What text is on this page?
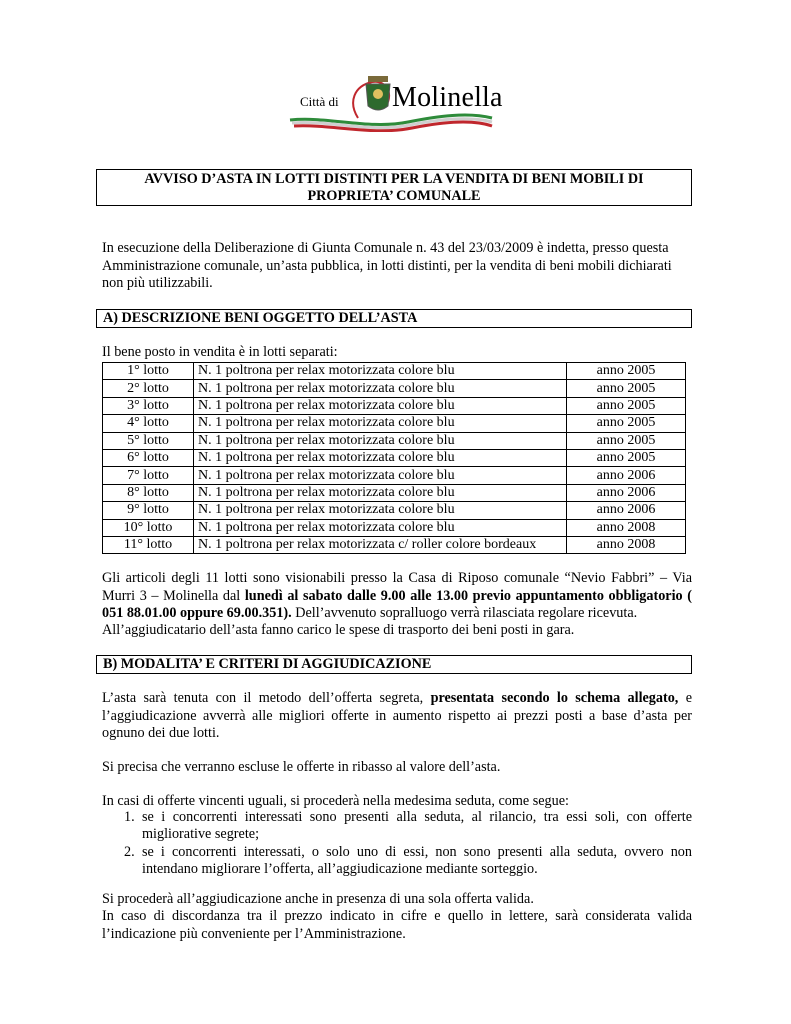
Città di Molinella
AVVISO D’ASTA IN LOTTI DISTINTI PER LA VENDITA DI BENI MOBILI DI
PROPRIETA’ COMUNALE
In esecuzione della Deliberazione di Giunta Comunale n. 43 del 23/03/2009 è indetta, presso questa Amministrazione comunale, un’asta pubblica, in lotti distinti, per la vendita di beni mobili dichiarati non più utilizzabili.
A) DESCRIZIONE BENI OGGETTO DELL’ASTA
Il bene posto in vendita è in lotti separati:
1° lotto	N. 1 poltrona per relax motorizzata colore blu	anno 2005
2° lotto	N. 1 poltrona per relax motorizzata colore blu	anno 2005
3° lotto	N. 1 poltrona per relax motorizzata colore blu	anno 2005
4° lotto	N. 1 poltrona per relax motorizzata colore blu	anno 2005
5° lotto	N. 1 poltrona per relax motorizzata colore blu	anno 2005
6° lotto	N. 1 poltrona per relax motorizzata colore blu	anno 2005
7° lotto	N. 1 poltrona per relax motorizzata colore blu	anno 2006
8° lotto	N. 1 poltrona per relax motorizzata colore blu	anno 2006
9° lotto	N. 1 poltrona per relax motorizzata colore blu	anno 2006
10° lotto	N. 1 poltrona per relax motorizzata colore blu	anno 2008
11° lotto	N. 1 poltrona per relax motorizzata c/ roller colore bordeaux	anno 2008
Gli articoli degli 11 lotti sono visionabili presso la Casa di Riposo comunale “Nevio Fabbri” – Via Murri 3 – Molinella dal lunedì al sabato dalle 9.00 alle 13.00 previo appuntamento obbligatorio ( 051 88.01.00 oppure 69.00.351). Dell’avvenuto sopralluogo verrà rilasciata regolare ricevuta.
All’aggiudicatario dell’asta fanno carico le spese di trasporto dei beni posti in gara.
B) MODALITA’ E CRITERI DI AGGIUDICAZIONE
L’asta sarà tenuta con il metodo dell’offerta segreta, presentata secondo lo schema allegato, e l’aggiudicazione avverrà alle migliori offerte in aumento rispetto ai prezzi posti a base d’asta per ognuno dei due lotti.
Si precisa che verranno escluse le offerte in ribasso al valore dell’asta.
In casi di offerte vincenti uguali, si procederà nella medesima seduta, come segue:
1. se i concorrenti interessati sono presenti alla seduta, al rilancio, tra essi soli, con offerte migliorative segrete;
2. se i concorrenti interessati, o solo uno di essi, non sono presenti alla seduta, ovvero non intendano migliorare l’offerta, all’aggiudicazione mediante sorteggio.
Si procederà all’aggiudicazione anche in presenza di una sola offerta valida.
In caso di discordanza tra il prezzo indicato in cifre e quello in lettere, sarà considerata valida l’indicazione più conveniente per l’Amministrazione.
